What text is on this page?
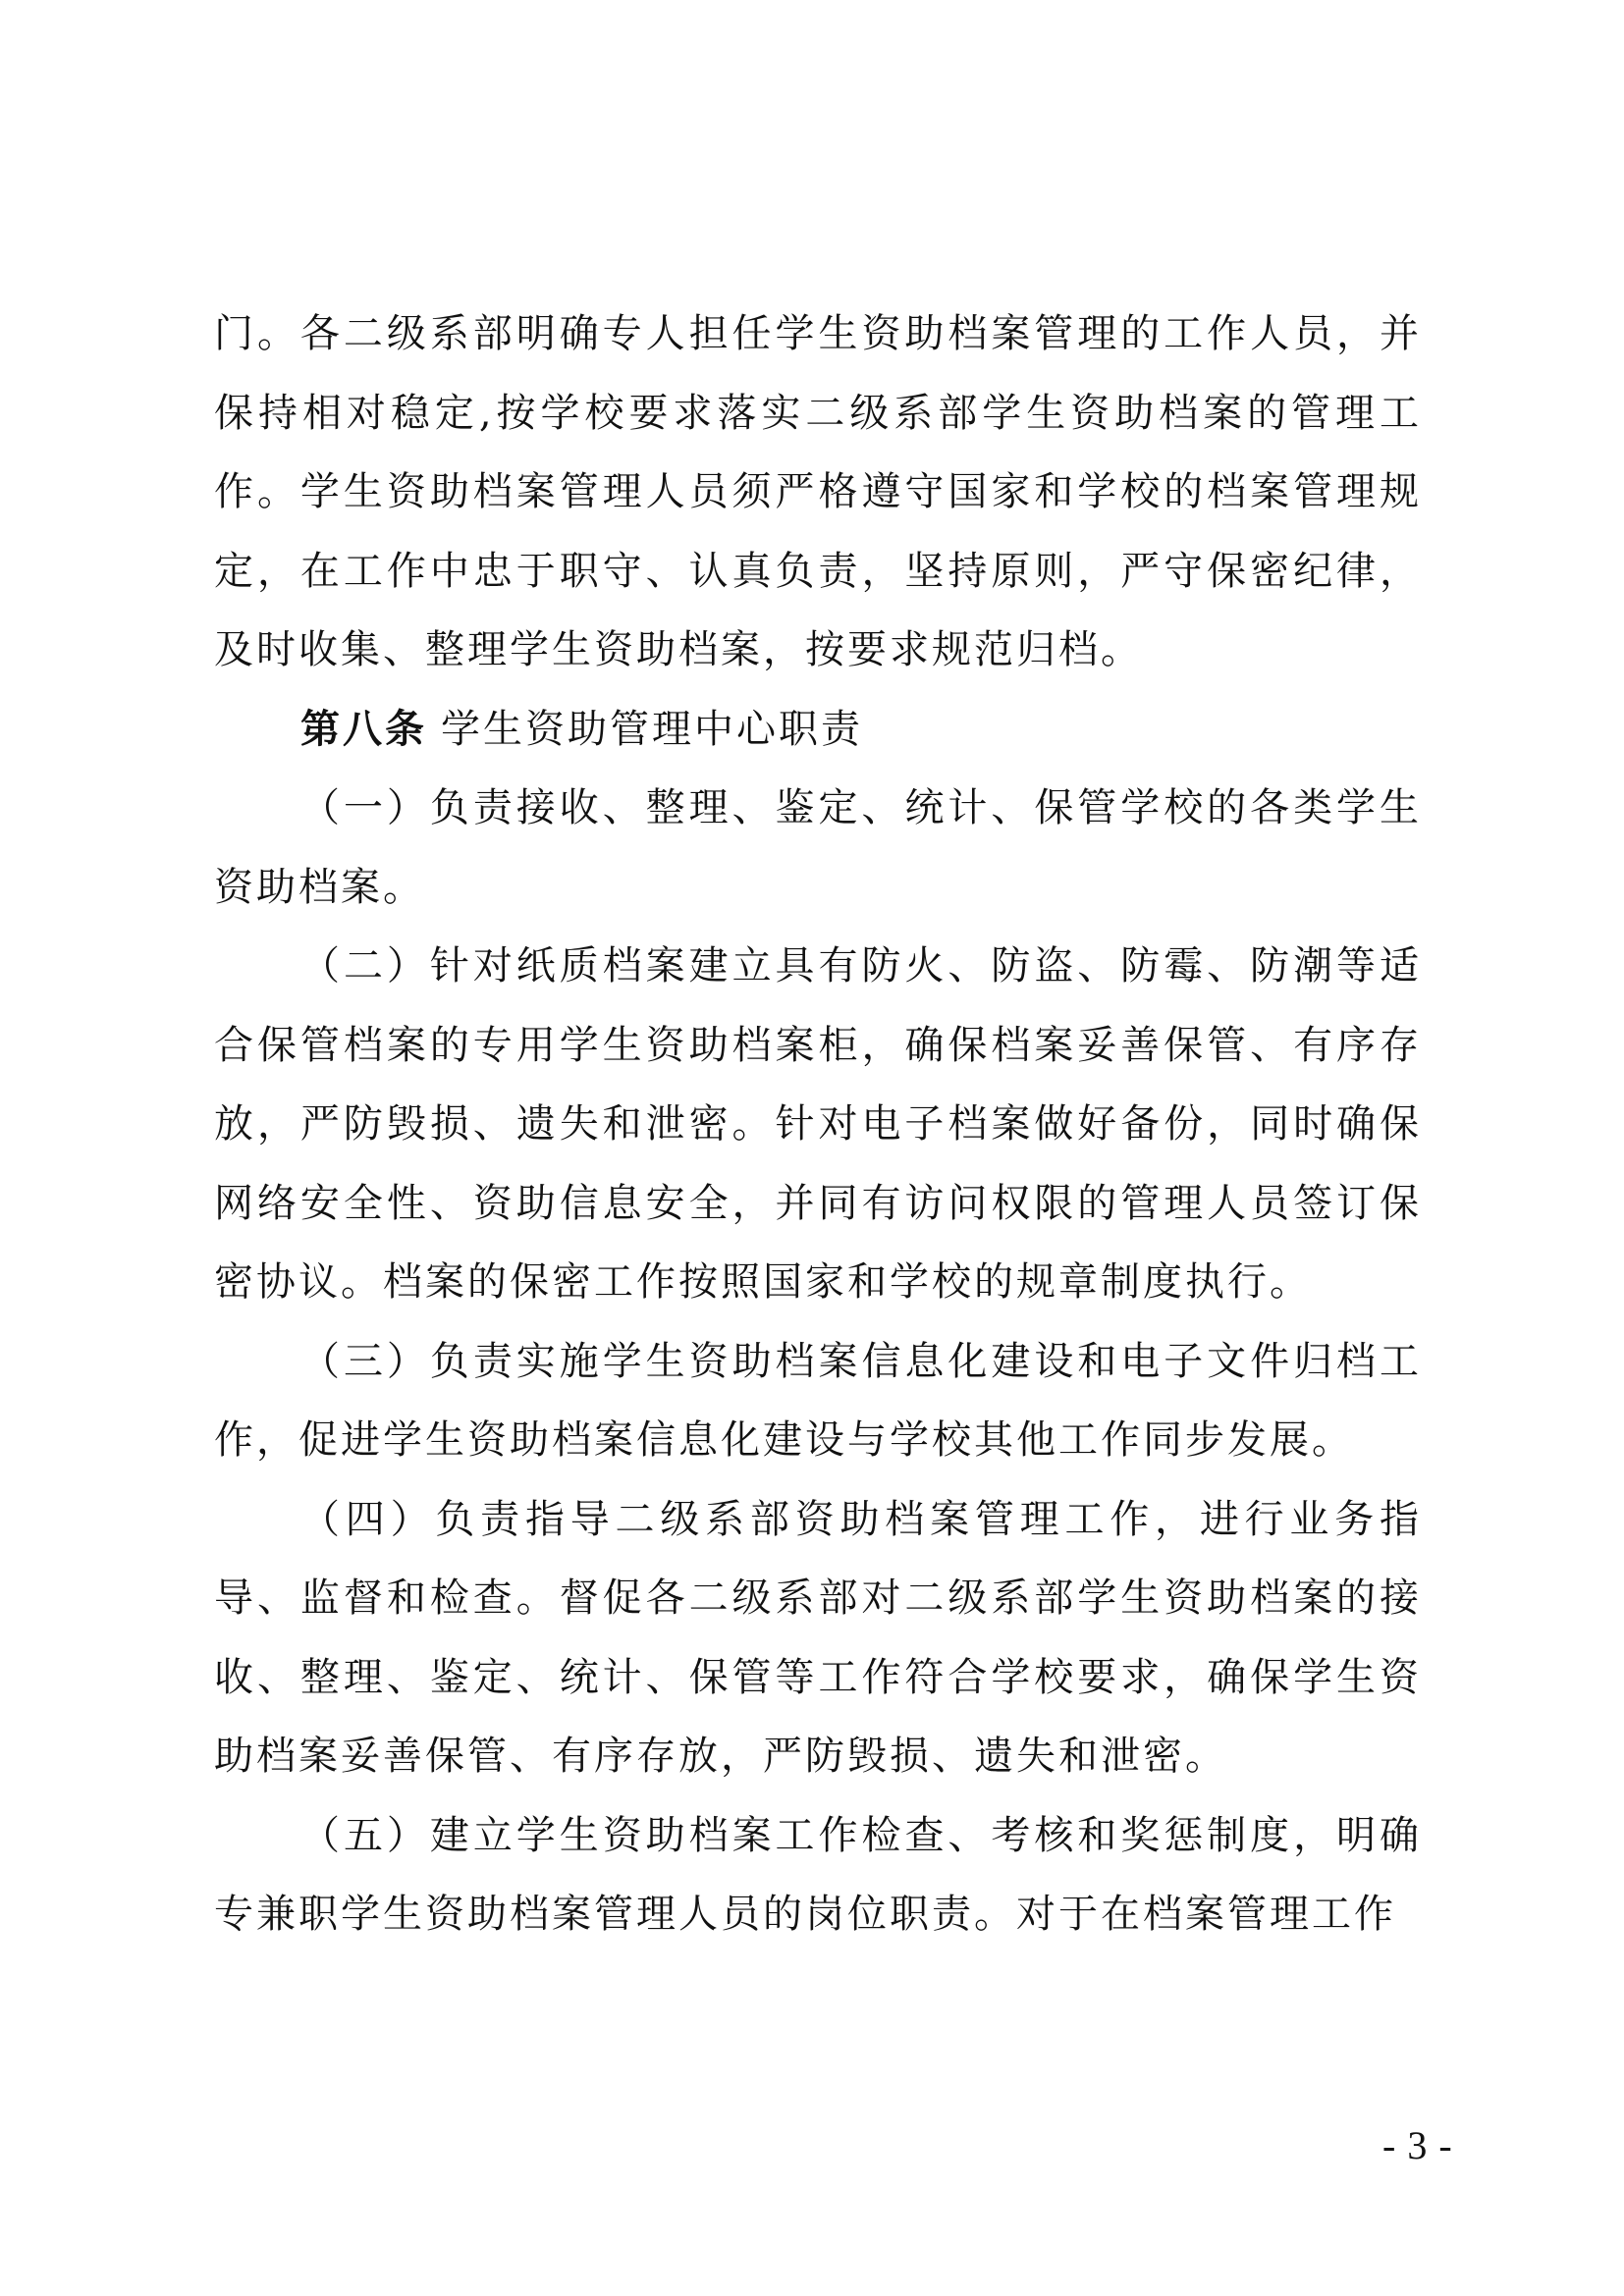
门。各二级系部明确专人担任学生资助档案管理的工作人员，并保持相对稳定,按学校要求落实二级系部学生资助档案的管理工作。学生资助档案管理人员须严格遵守国家和学校的档案管理规定，在工作中忠于职守、认真负责，坚持原则，严守保密纪律，及时收集、整理学生资助档案，按要求规范归档。

第八条 学生资助管理中心职责

（一）负责接收、整理、鉴定、统计、保管学校的各类学生资助档案。

（二）针对纸质档案建立具有防火、防盗、防霉、防潮等适合保管档案的专用学生资助档案柜，确保档案妥善保管、有序存放，严防毁损、遗失和泄密。针对电子档案做好备份，同时确保网络安全性、资助信息安全，并同有访问权限的管理人员签订保密协议。档案的保密工作按照国家和学校的规章制度执行。

（三）负责实施学生资助档案信息化建设和电子文件归档工作，促进学生资助档案信息化建设与学校其他工作同步发展。

（四）负责指导二级系部资助档案管理工作，进行业务指导、监督和检查。督促各二级系部对二级系部学生资助档案的接收、整理、鉴定、统计、保管等工作符合学校要求，确保学生资助档案妥善保管、有序存放，严防毁损、遗失和泄密。

（五）建立学生资助档案工作检查、考核和奖惩制度，明确专兼职学生资助档案管理人员的岗位职责。对于在档案管理工作

- 3 -
